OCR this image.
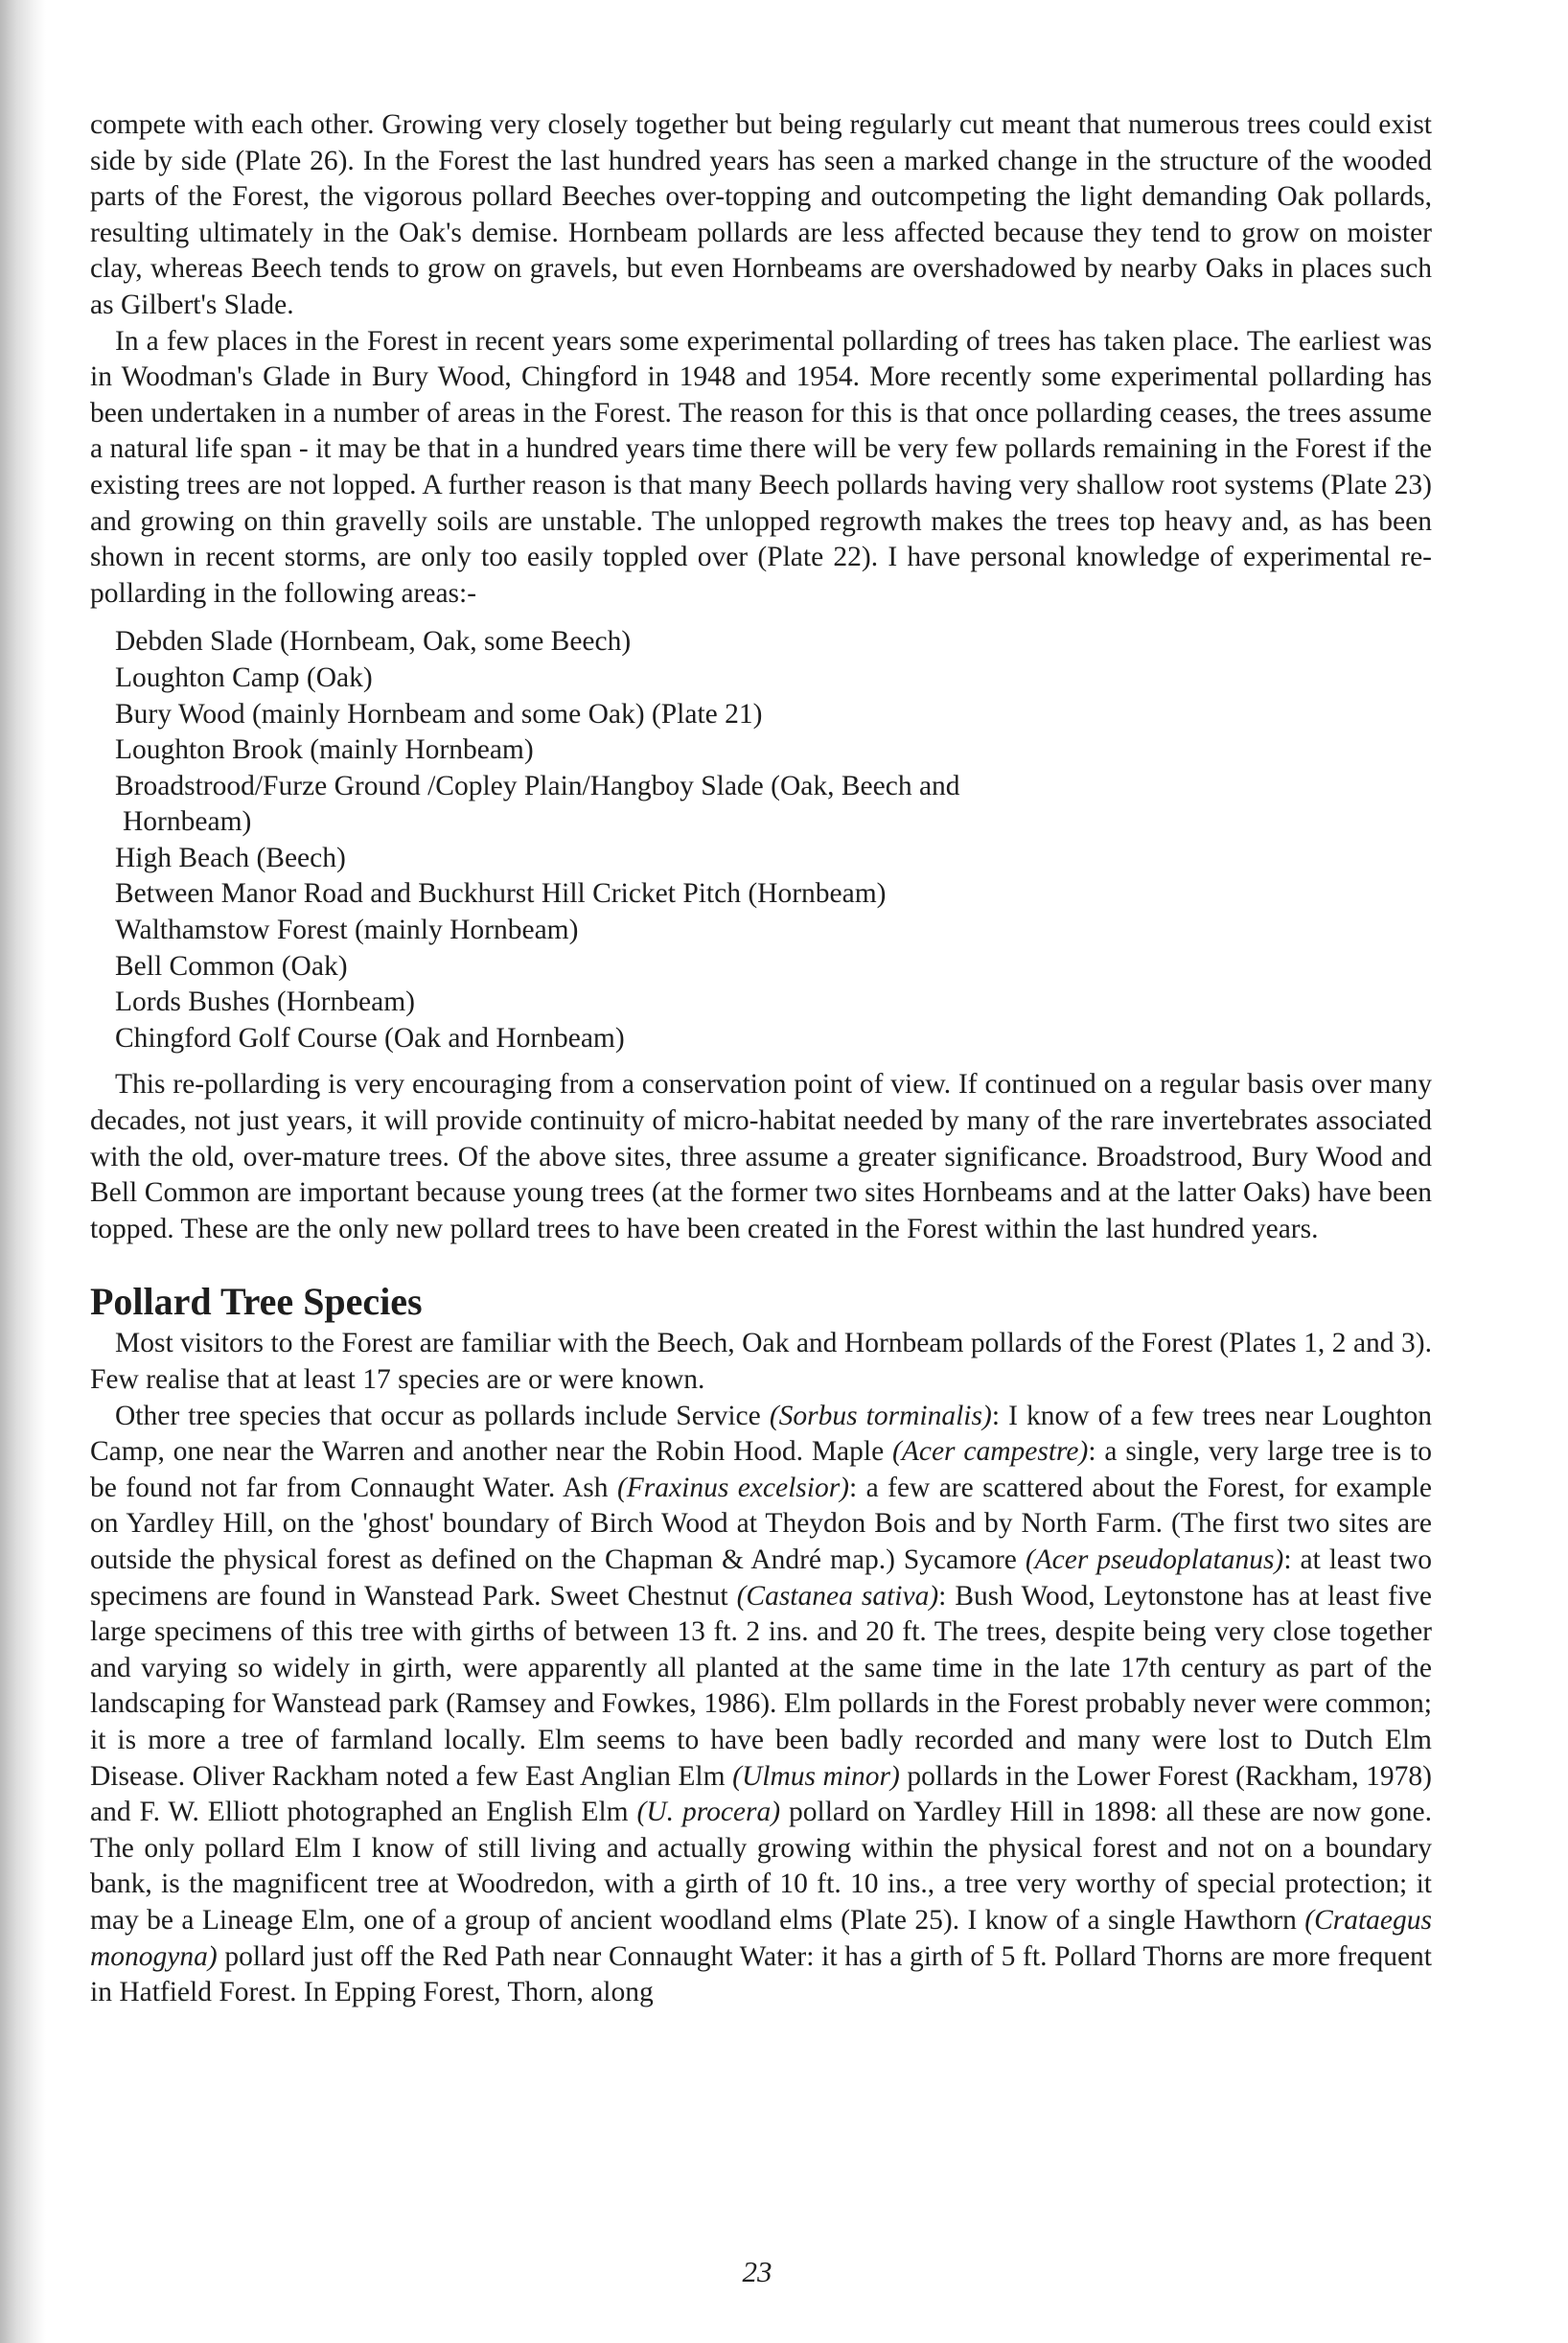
compete with each other. Growing very closely together but being regularly cut meant that numerous trees could exist side by side (Plate 26). In the Forest the last hundred years has seen a marked change in the structure of the wooded parts of the Forest, the vigorous pollard Beeches over-topping and outcompeting the light demanding Oak pollards, resulting ultimately in the Oak's demise. Hornbeam pollards are less affected because they tend to grow on moister clay, whereas Beech tends to grow on gravels, but even Hornbeams are overshadowed by nearby Oaks in places such as Gilbert's Slade.

In a few places in the Forest in recent years some experimental pollarding of trees has taken place. The earliest was in Woodman's Glade in Bury Wood, Chingford in 1948 and 1954. More recently some experimental pollarding has been undertaken in a number of areas in the Forest. The reason for this is that once pollarding ceases, the trees assume a natural life span - it may be that in a hundred years time there will be very few pollards remaining in the Forest if the existing trees are not lopped. A further reason is that many Beech pollards having very shallow root systems (Plate 23) and growing on thin gravelly soils are unstable. The unlopped regrowth makes the trees top heavy and, as has been shown in recent storms, are only too easily toppled over (Plate 22). I have personal knowledge of experimental re-pollarding in the following areas:-

Debden Slade (Hornbeam, Oak, some Beech)
Loughton Camp (Oak)
Bury Wood (mainly Hornbeam and some Oak) (Plate 21)
Loughton Brook (mainly Hornbeam)
Broadstrood/Furze Ground /Copley Plain/Hangboy Slade (Oak, Beech and
Hornbeam)
High Beach (Beech)
Between Manor Road and Buckhurst Hill Cricket Pitch (Hornbeam)
Walthamstow Forest (mainly Hornbeam)
Bell Common (Oak)
Lords Bushes (Hornbeam)
Chingford Golf Course (Oak and Hornbeam)

This re-pollarding is very encouraging from a conservation point of view. If continued on a regular basis over many decades, not just years, it will provide continuity of micro-habitat needed by many of the rare invertebrates associated with the old, over-mature trees. Of the above sites, three assume a greater significance. Broadstrood, Bury Wood and Bell Common are important because young trees (at the former two sites Hornbeams and at the latter Oaks) have been topped. These are the only new pollard trees to have been created in the Forest within the last hundred years.

Pollard Tree Species

Most visitors to the Forest are familiar with the Beech, Oak and Hornbeam pollards of the Forest (Plates 1, 2 and 3). Few realise that at least 17 species are or were known.

Other tree species that occur as pollards include Service (Sorbus torminalis): I know of a few trees near Loughton Camp, one near the Warren and another near the Robin Hood. Maple (Acer campestre): a single, very large tree is to be found not far from Connaught Water. Ash (Fraxinus excelsior): a few are scattered about the Forest, for example on Yardley Hill, on the 'ghost' boundary of Birch Wood at Theydon Bois and by North Farm. (The first two sites are outside the physical forest as defined on the Chapman & André map.) Sycamore (Acer pseudoplatanus): at least two specimens are found in Wanstead Park. Sweet Chestnut (Castanea sativa): Bush Wood, Leytonstone has at least five large specimens of this tree with girths of between 13 ft. 2 ins. and 20 ft. The trees, despite being very close together and varying so widely in girth, were apparently all planted at the same time in the late 17th century as part of the landscaping for Wanstead park (Ramsey and Fowkes, 1986). Elm pollards in the Forest probably never were common; it is more a tree of farmland locally. Elm seems to have been badly recorded and many were lost to Dutch Elm Disease. Oliver Rackham noted a few East Anglian Elm (Ulmus minor) pollards in the Lower Forest (Rackham, 1978) and F. W. Elliott photographed an English Elm (U. procera) pollard on Yardley Hill in 1898: all these are now gone. The only pollard Elm I know of still living and actually growing within the physical forest and not on a boundary bank, is the magnificent tree at Woodredon, with a girth of 10 ft. 10 ins., a tree very worthy of special protection; it may be a Lineage Elm, one of a group of ancient woodland elms (Plate 25). I know of a single Hawthorn (Crataegus monogyna) pollard just off the Red Path near Connaught Water: it has a girth of 5 ft. Pollard Thorns are more frequent in Hatfield Forest. In Epping Forest, Thorn, along

23
